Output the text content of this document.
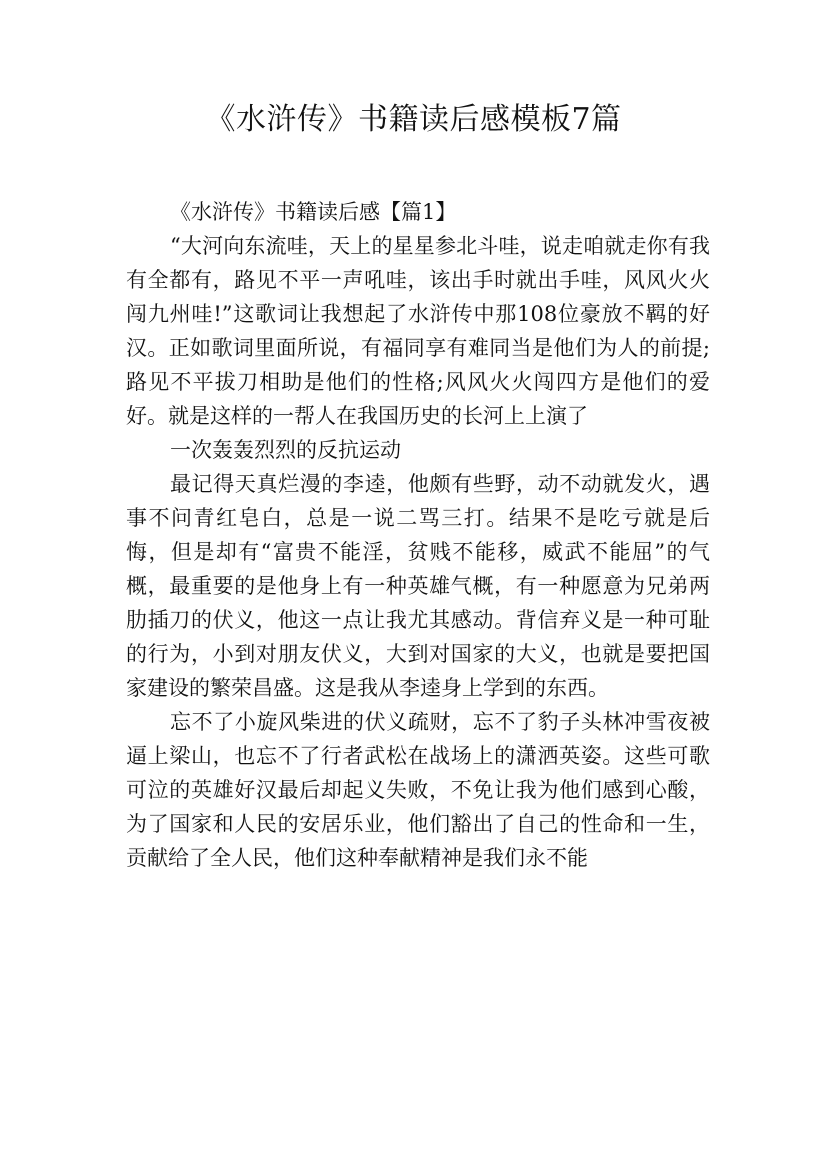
《水浒传》书籍读后感模板7篇

《水浒传》书籍读后感【篇1】

“大河向东流哇，天上的星星参北斗哇，说走咱就走你有我有全都有，路见不平一声吼哇，该出手时就出手哇，风风火火闯九州哇!”这歌词让我想起了水浒传中那108位豪放不羁的好汉。正如歌词里面所说，有福同享有难同当是他们为人的前提;路见不平拔刀相助是他们的性格;风风火火闯四方是他们的爱好。就是这样的一帮人在我国历史的长河上上演了

一次轰轰烈烈的反抗运动

最记得天真烂漫的李逵，他颇有些野，动不动就发火，遇事不问青红皂白，总是一说二骂三打。结果不是吃亏就是后悔，但是却有“富贵不能淫，贫贱不能移，威武不能屈”的气概，最重要的是他身上有一种英雄气概，有一种愿意为兄弟两肋插刀的伏义，他这一点让我尤其感动。背信弃义是一种可耻的行为，小到对朋友伏义，大到对国家的大义，也就是要把国家建设的繁荣昌盛。这是我从李逵身上学到的东西。

忘不了小旋风柴进的伏义疏财，忘不了豹子头林冲雪夜被逼上梁山，也忘不了行者武松在战场上的潇洒英姿。这些可歌可泣的英雄好汉最后却起义失败，不免让我为他们感到心酸，为了国家和人民的安居乐业，他们豁出了自己的性命和一生，贡献给了全人民，他们这种奉献精神是我们永不能
